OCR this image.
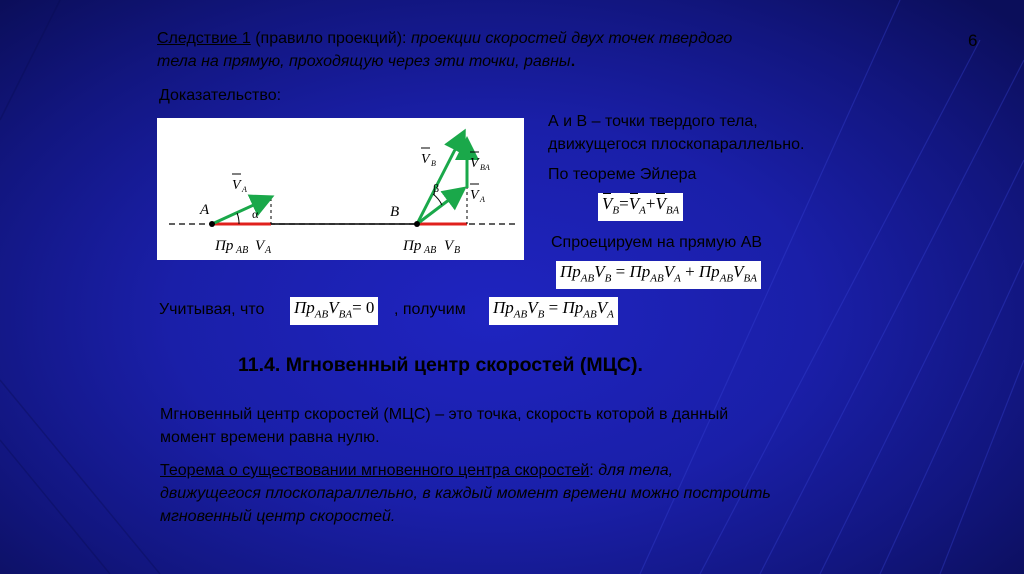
6
Следствие 1 (правило проекций): проекции скоростей двух точек твердого
тела на прямую, проходящую через эти точки, равны.
Доказательство:
A	B
α
β
V A
V B V BA
V A
Пр AB V A	Пр AB V B
А и В – точки твердого тела,
движущегося плоскопараллельно.
По теореме Эйлера
$V_B=V_A+V_{BA}$
Спроецируем на прямую АВ
$Пр_{AB}V_B = Пр_{AB}V_A + Пр_{AB}V_{BA}$
Учитывая, что $Пр_{AB}V_{BA}= 0$ , получим $Пр_{AB}V_B = Пр_{AB}V_A$
11.4. Мгновенный центр скоростей (МЦС).
Мгновенный центр скоростей (МЦС) – это точка, скорость которой в данный
момент времени равна нулю.
Теорема о существовании мгновенного центра скоростей: для тела,
движущегося плоскопараллельно, в каждый момент времени можно построить
мгновенный центр скоростей.
